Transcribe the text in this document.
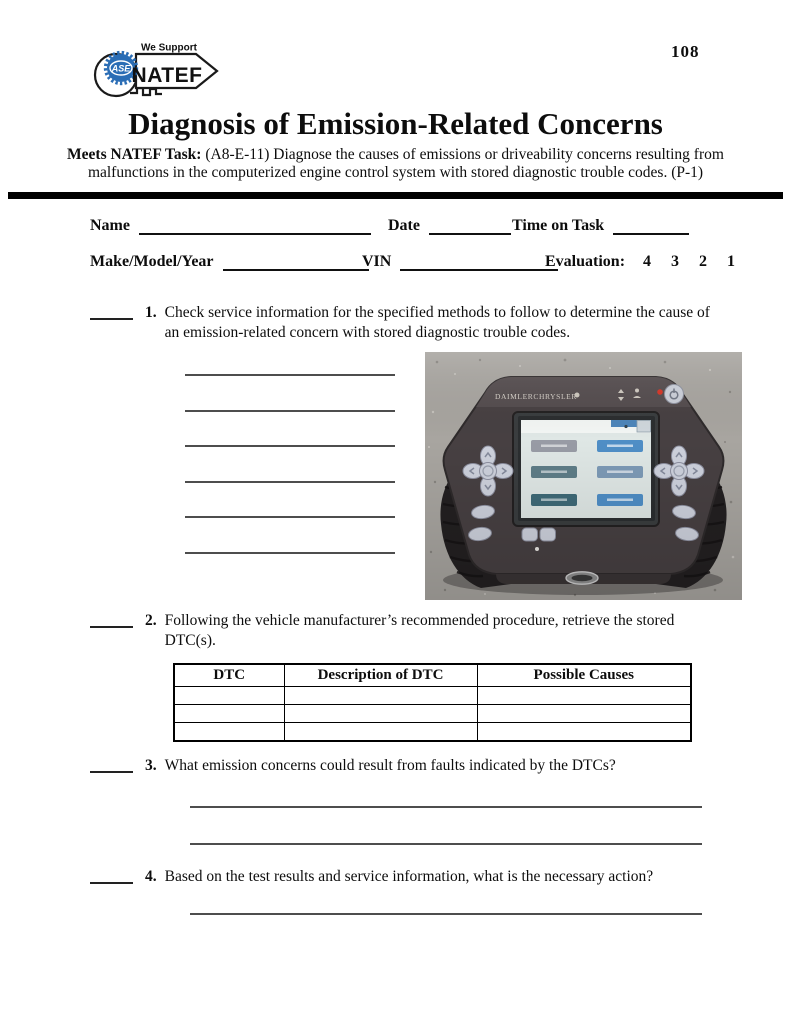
ASE
We Support
NATEF
108
Diagnosis of Emission-Related Concerns
Meets NATEF Task: (A8-E-11) Diagnose the causes of emissions or driveability concerns resulting from malfunctions in the computerized engine control system with stored diagnostic trouble codes. (P-1)
Name	Date	Time on Task
Make/Model/Year	VIN	Evaluation: 4 3 2 1
1. Check service information for the specified methods to follow to determine the cause of an emission-related concern with stored diagnostic trouble codes.
2. Following the vehicle manufacturer’s recommended procedure, retrieve the stored DTC(s).
DTC	Description of DTC	Possible Causes

3. What emission concerns could result from faults indicated by the DTCs?
4. Based on the test results and service information, what is the necessary action?
